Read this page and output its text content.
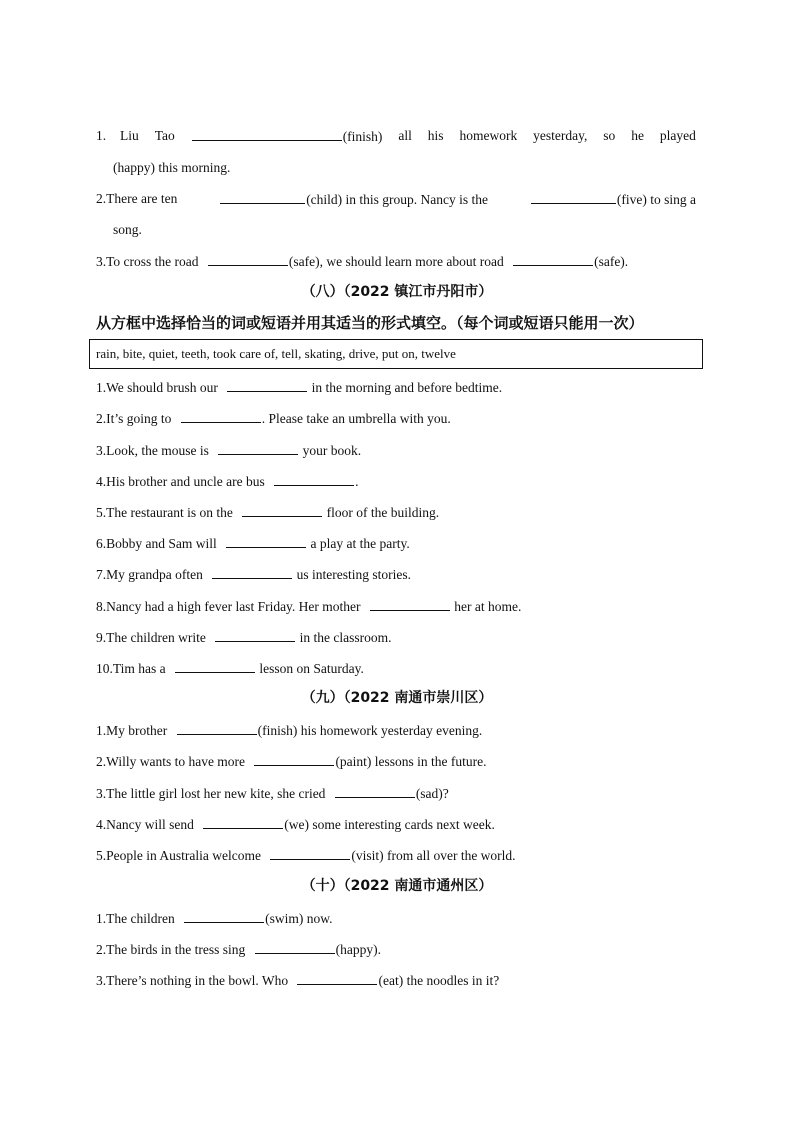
1. Liu Tao	(finish) all his homework yesterday, so he played
(happy) this morning.
2.There are ten	(child) in this group. Nancy is the	(five) to sing a
song.
3.To cross the road	(safe), we should learn more about road	(safe).
（八）（2022 镇江市丹阳市）
从方框中选择恰当的词或短语并用其适当的形式填空。（每个词或短语只能用一次）
rain, bite, quiet, teeth, took care of, tell, skating, drive, put on, twelve
1.We should brush our	in the morning and before bedtime.
2.It’s going to	. Please take an umbrella with you.
3.Look, the mouse is	your book.
4.His brother and uncle are bus	.
5.The restaurant is on the	floor of the building.
6.Bobby and Sam will	a play at the party.
7.My grandpa often	us interesting stories.
8.Nancy had a high fever last Friday. Her mother	her at home.
9.The children write	in the classroom.
10.Tim has a	lesson on Saturday.
（九）（2022 南通市崇川区）
1.My brother	(finish) his homework yesterday evening.
2.Willy wants to have more	(paint) lessons in the future.
3.The little girl lost her new kite, she cried	(sad)?
4.Nancy will send	(we) some interesting cards next week.
5.People in Australia welcome	(visit) from all over the world.
（十）（2022 南通市通州区）
1.The children	(swim) now.
2.The birds in the tress sing	(happy).
3.There’s nothing in the bowl. Who	(eat) the noodles in it?
